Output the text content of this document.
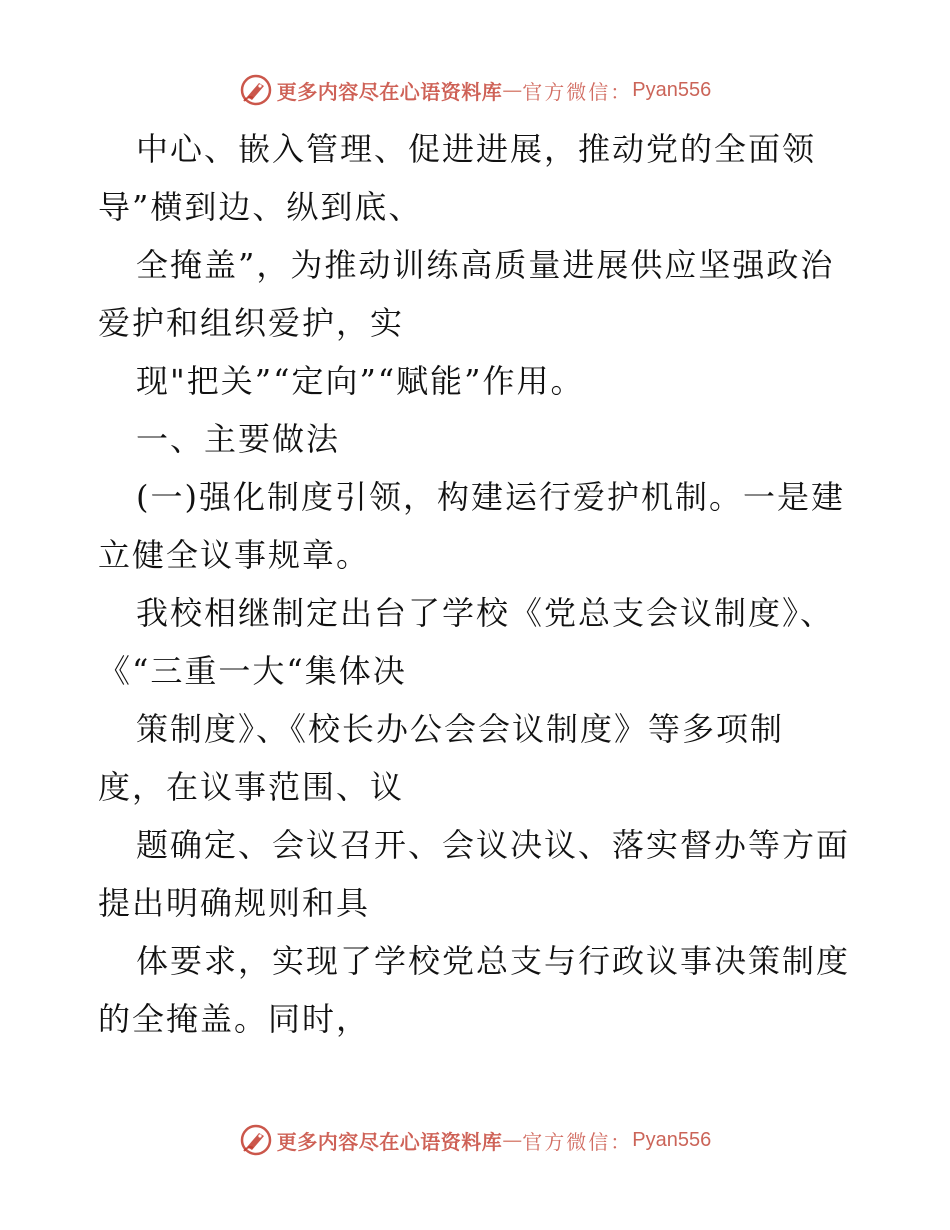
更多内容尽在心语资料库 — 官方微信： Pyan556
中心、嵌入管理、促进进展，推动党的全面领
导”横到边、纵到底、
全掩盖”，为推动训练高质量进展供应坚强政治
爱护和组织爱护，实
现"把关”“定向”“赋能”作用。
一、主要做法
(一)强化制度引领，构建运行爱护机制。一是建
立健全议事规章。
我校相继制定出台了学校《党总支会议制度》、
《“三重一大“集体决
策制度》、《校长办公会会议制度》等多项制
度，在议事范围、议
题确定、会议召开、会议决议、落实督办等方面
提出明确规则和具
体要求，实现了学校党总支与行政议事决策制度
的全掩盖。同时，
更多内容尽在心语资料库 — 官方微信： Pyan556
